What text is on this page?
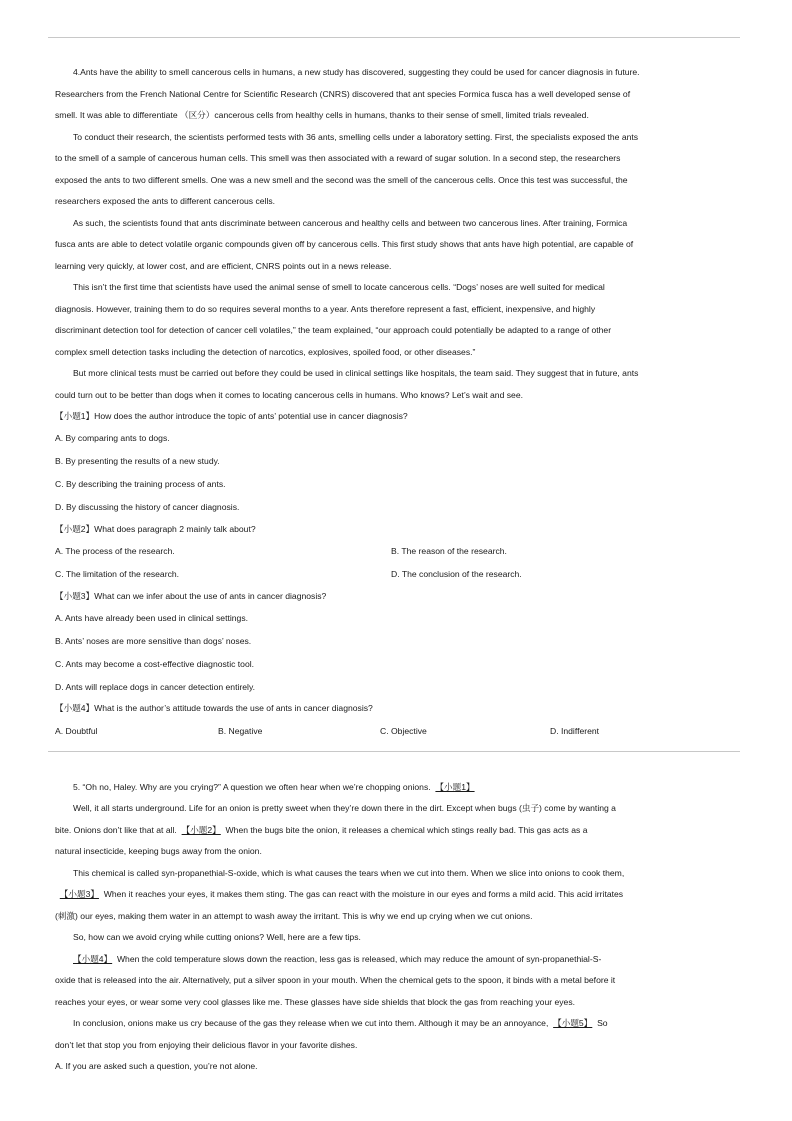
4.Ants have the ability to smell cancerous cells in humans, a new study has discovered, suggesting they could be used for cancer diagnosis in future.
Researchers from the French National Centre for Scientific Research (CNRS) discovered that ant species Formica fusca has a well developed sense of
smell. It was able to differentiate （区分）cancerous cells from healthy cells in humans, thanks to their sense of smell, limited trials revealed.
To conduct their research, the scientists performed tests with 36 ants, smelling cells under a laboratory setting. First, the specialists exposed the ants
to the smell of a sample of cancerous human cells. This smell was then associated with a reward of sugar solution. In a second step, the researchers
exposed the ants to two different smells. One was a new smell and the second was the smell of the cancerous cells. Once this test was successful, the
researchers exposed the ants to different cancerous cells.
As such, the scientists found that ants discriminate between cancerous and healthy cells and between two cancerous lines. After training, Formica
fusca ants are able to detect volatile organic compounds given off by cancerous cells. This first study shows that ants have high potential, are capable of
learning very quickly, at lower cost, and are efficient, CNRS points out in a news release.
This isn’t the first time that scientists have used the animal sense of smell to locate cancerous cells. “Dogs’ noses are well suited for medical
diagnosis. However, training them to do so requires several months to a year. Ants therefore represent a fast, efficient, inexpensive, and highly
discriminant detection tool for detection of cancer cell volatiles,” the team explained, “our approach could potentially be adapted to a range of other
complex smell detection tasks including the detection of narcotics, explosives, spoiled food, or other diseases.”
But more clinical tests must be carried out before they could be used in clinical settings like hospitals, the team said. They suggest that in future, ants
could turn out to be better than dogs when it comes to locating cancerous cells in humans. Who knows? Let’s wait and see.
【小题1】How does the author introduce the topic of ants’ potential use in cancer diagnosis?
A. By comparing ants to dogs.
B. By presenting the results of a new study.
C. By describing the training process of ants.
D. By discussing the history of cancer diagnosis.
【小题2】What does paragraph 2 mainly talk about?
A. The process of the research.	B. The reason of the research.
C. The limitation of the research.	D. The conclusion of the research.
【小题3】What can we infer about the use of ants in cancer diagnosis?
A. Ants have already been used in clinical settings.
B. Ants’ noses are more sensitive than dogs’ noses.
C. Ants may become a cost-effective diagnostic tool.
D. Ants will replace dogs in cancer detection entirely.
【小题4】What is the author’s attitude towards the use of ants in cancer diagnosis?
A. Doubtful	B. Negative	C. Objective	D. Indifferent
5. “Oh no, Haley. Why are you crying?” A question we often hear when we’re chopping onions. 【小题1】
Well, it all starts underground. Life for an onion is pretty sweet when they’re down there in the dirt. Except when bugs (虫子) come by wanting a
bite. Onions don’t like that at all. 【小题2】 When the bugs bite the onion, it releases a chemical which stings really bad. This gas acts as a
natural insecticide, keeping bugs away from the onion.
This chemical is called syn-propanethial-S-oxide, which is what causes the tears when we cut into them. When we slice into onions to cook them,
【小题3】 When it reaches your eyes, it makes them sting. The gas can react with the moisture in our eyes and forms a mild acid. This acid irritates
(刺激) our eyes, making them water in an attempt to wash away the irritant. This is why we end up crying when we cut onions.
So, how can we avoid crying while cutting onions? Well, here are a few tips.
【小题4】 When the cold temperature slows down the reaction, less gas is released, which may reduce the amount of syn-propanethial-S-
oxide that is released into the air. Alternatively, put a silver spoon in your mouth. When the chemical gets to the spoon, it binds with a metal before it
reaches your eyes, or wear some very cool glasses like me. These glasses have side shields that block the gas from reaching your eyes.
In conclusion, onions make us cry because of the gas they release when we cut into them. Although it may be an annoyance, 【小题5】 So
don’t let that stop you from enjoying their delicious flavor in your favorite dishes.
A. If you are asked such a question, you’re not alone.
